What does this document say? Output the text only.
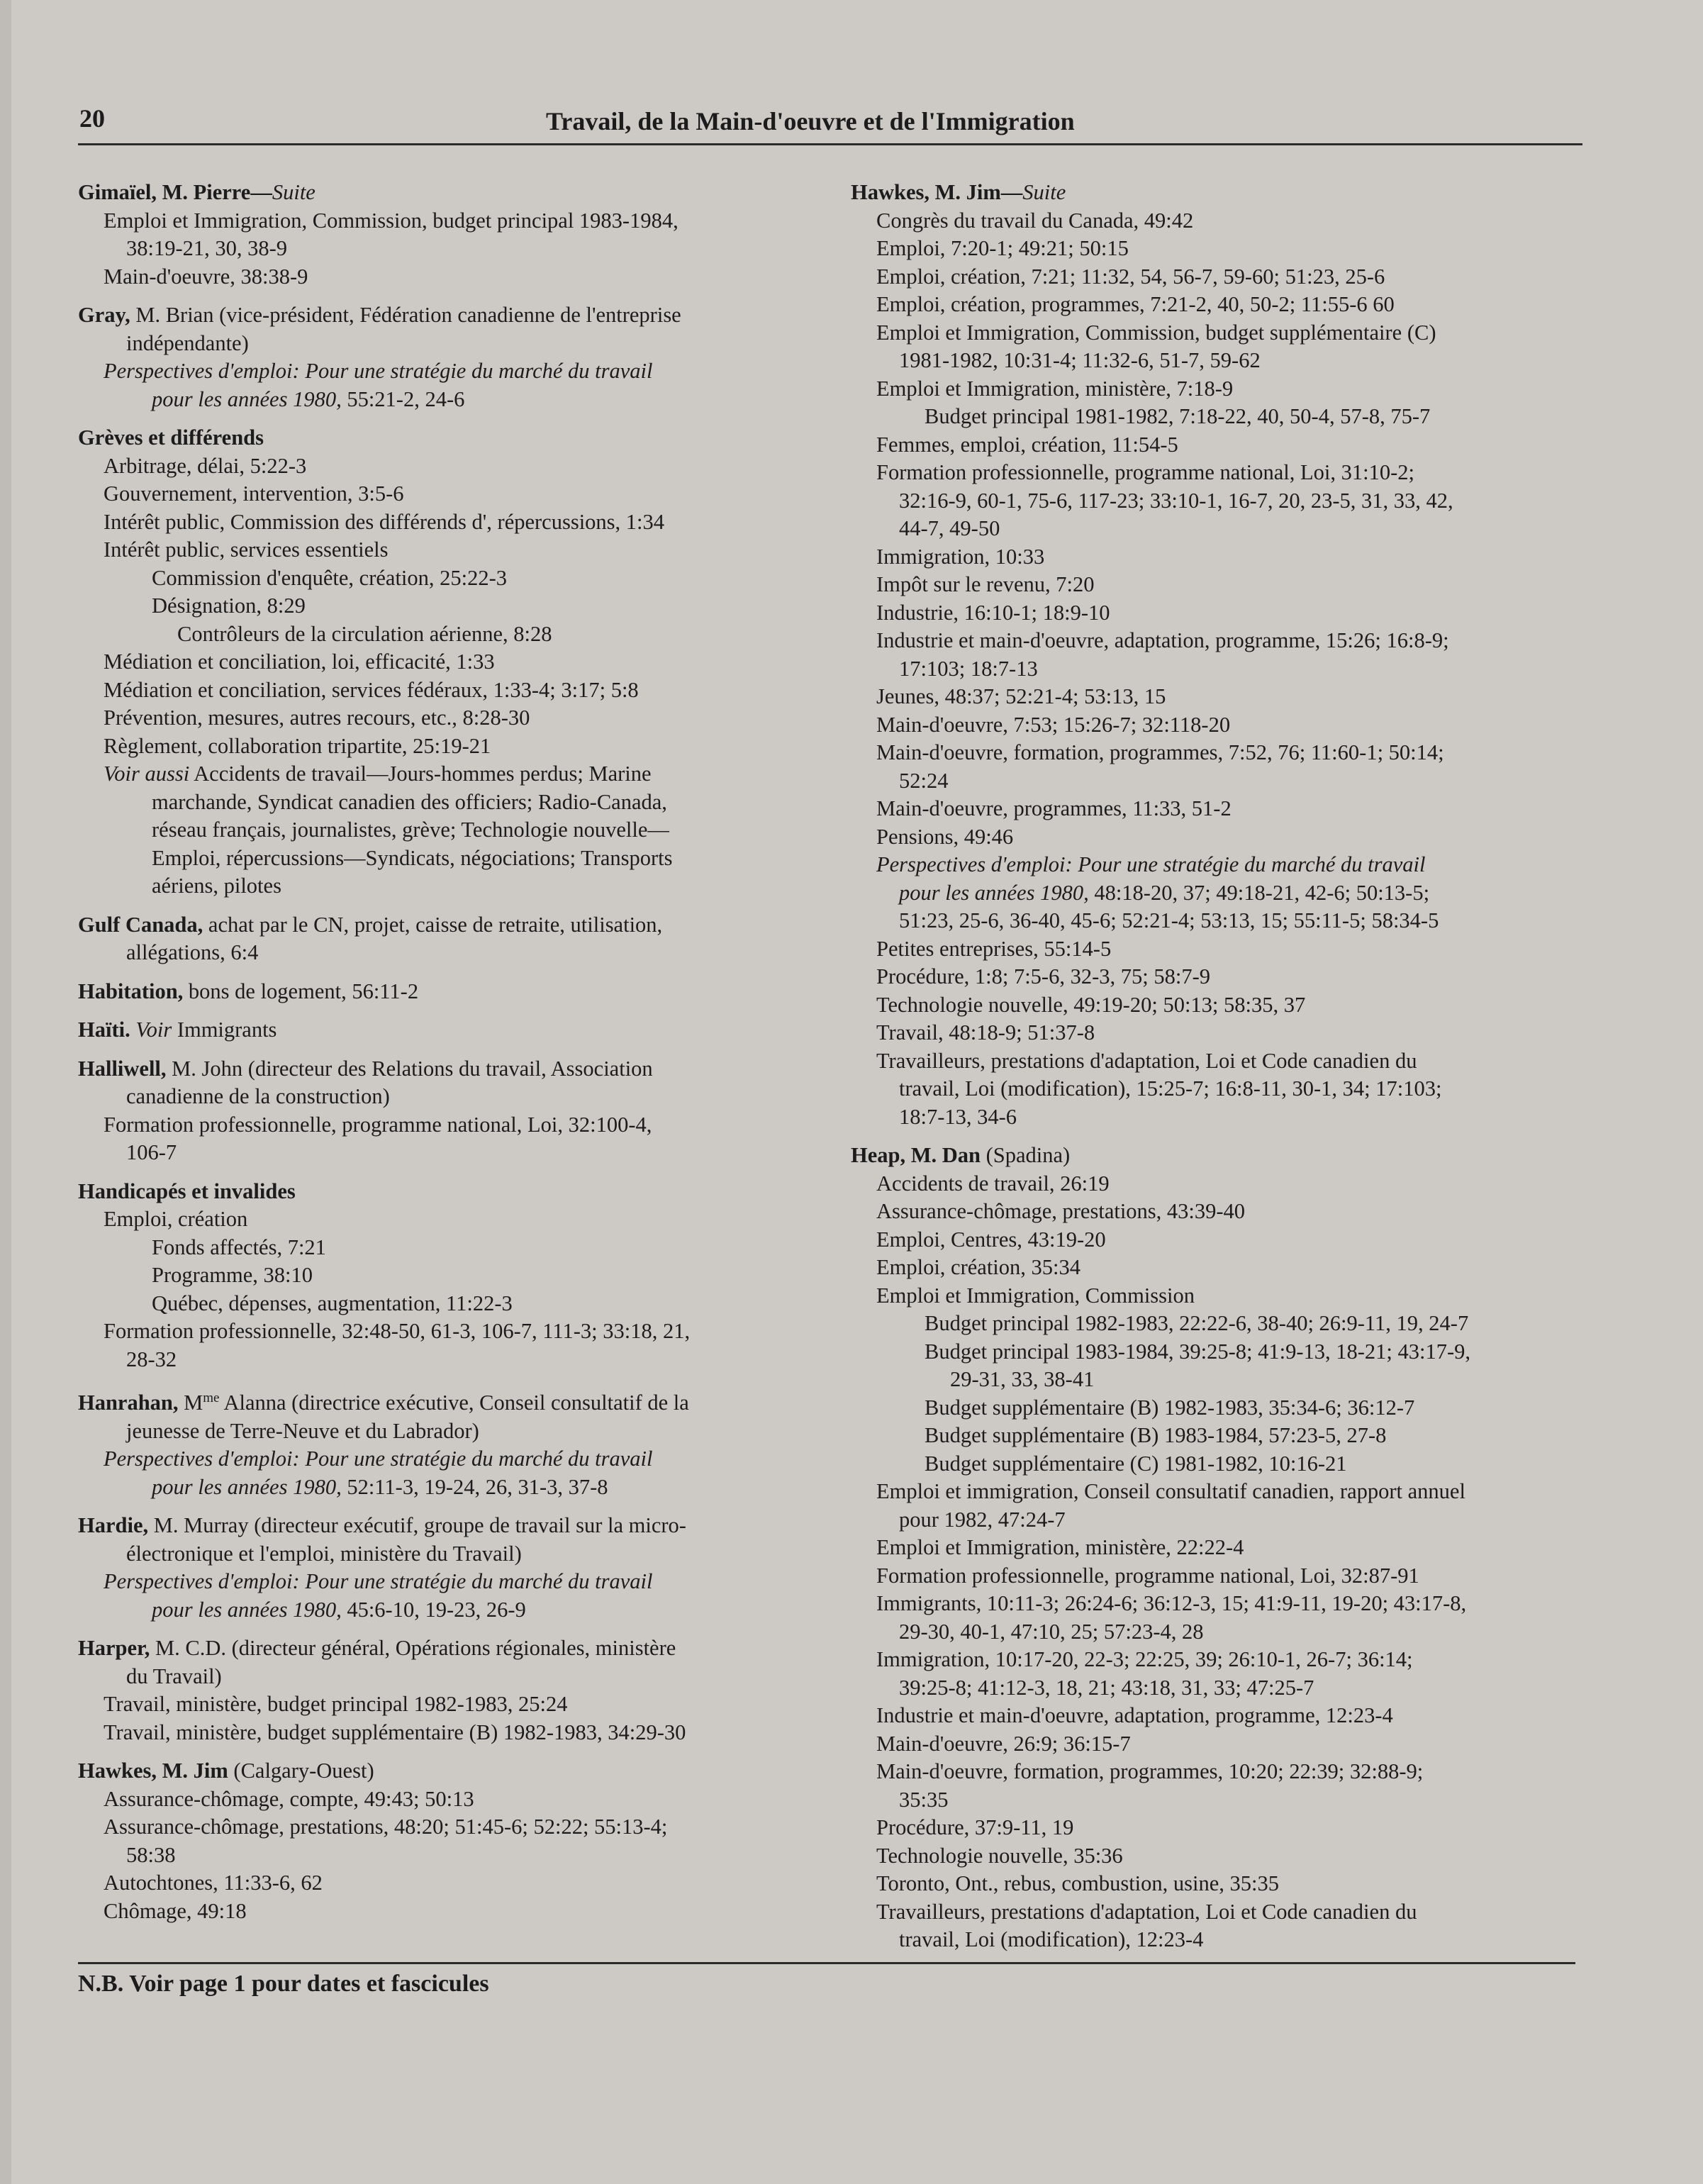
20	Travail, de la Main-d'oeuvre et de l'Immigration
Gimaïel, M. Pierre—Suite
Emploi et Immigration, Commission, budget principal 1983-1984,
38:19-21, 30, 38-9
Main-d'oeuvre, 38:38-9
Gray, M. Brian (vice-président, Fédération canadienne de l'entreprise
indépendante)
Perspectives d'emploi: Pour une stratégie du marché du travail
pour les années 1980, 55:21-2, 24-6
Grèves et différends
Arbitrage, délai, 5:22-3
Gouvernement, intervention, 3:5-6
Intérêt public, Commission des différends d', répercussions, 1:34
Intérêt public, services essentiels
Commission d'enquête, création, 25:22-3
Désignation, 8:29
Contrôleurs de la circulation aérienne, 8:28
Médiation et conciliation, loi, efficacité, 1:33
Médiation et conciliation, services fédéraux, 1:33-4; 3:17; 5:8
Prévention, mesures, autres recours, etc., 8:28-30
Règlement, collaboration tripartite, 25:19-21
Voir aussi Accidents de travail—Jours-hommes perdus; Marine
marchande, Syndicat canadien des officiers; Radio-Canada,
réseau français, journalistes, grève; Technologie nouvelle—
Emploi, répercussions—Syndicats, négociations; Transports
aériens, pilotes
Gulf Canada, achat par le CN, projet, caisse de retraite, utilisation,
allégations, 6:4
Habitation, bons de logement, 56:11-2
Haïti. Voir Immigrants
Halliwell, M. John (directeur des Relations du travail, Association
canadienne de la construction)
Formation professionnelle, programme national, Loi, 32:100-4,
106-7
Handicapés et invalides
Emploi, création
Fonds affectés, 7:21
Programme, 38:10
Québec, dépenses, augmentation, 11:22-3
Formation professionnelle, 32:48-50, 61-3, 106-7, 111-3; 33:18, 21,
28-32
Hanrahan, $M^{me}$ Alanna (directrice exécutive, Conseil consultatif de la
jeunesse de Terre-Neuve et du Labrador)
Perspectives d'emploi: Pour une stratégie du marché du travail
pour les années 1980, 52:11-3, 19-24, 26, 31-3, 37-8
Hardie, M. Murray (directeur exécutif, groupe de travail sur la micro-
électronique et l'emploi, ministère du Travail)
Perspectives d'emploi: Pour une stratégie du marché du travail
pour les années 1980, 45:6-10, 19-23, 26-9
Harper, M. C.D. (directeur général, Opérations régionales, ministère
du Travail)
Travail, ministère, budget principal 1982-1983, 25:24
Travail, ministère, budget supplémentaire (B) 1982-1983, 34:29-30
Hawkes, M. Jim (Calgary-Ouest)
Assurance-chômage, compte, 49:43; 50:13
Assurance-chômage, prestations, 48:20; 51:45-6; 52:22; 55:13-4;
58:38
Autochtones, 11:33-6, 62
Chômage, 49:18
Hawkes, M. Jim—Suite
Congrès du travail du Canada, 49:42
Emploi, 7:20-1; 49:21; 50:15
Emploi, création, 7:21; 11:32, 54, 56-7, 59-60; 51:23, 25-6
Emploi, création, programmes, 7:21-2, 40, 50-2; 11:55-6 60
Emploi et Immigration, Commission, budget supplémentaire (C)
1981-1982, 10:31-4; 11:32-6, 51-7, 59-62
Emploi et Immigration, ministère, 7:18-9
Budget principal 1981-1982, 7:18-22, 40, 50-4, 57-8, 75-7
Femmes, emploi, création, 11:54-5
Formation professionnelle, programme national, Loi, 31:10-2;
32:16-9, 60-1, 75-6, 117-23; 33:10-1, 16-7, 20, 23-5, 31, 33, 42,
44-7, 49-50
Immigration, 10:33
Impôt sur le revenu, 7:20
Industrie, 16:10-1; 18:9-10
Industrie et main-d'oeuvre, adaptation, programme, 15:26; 16:8-9;
17:103; 18:7-13
Jeunes, 48:37; 52:21-4; 53:13, 15
Main-d'oeuvre, 7:53; 15:26-7; 32:118-20
Main-d'oeuvre, formation, programmes, 7:52, 76; 11:60-1; 50:14;
52:24
Main-d'oeuvre, programmes, 11:33, 51-2
Pensions, 49:46
Perspectives d'emploi: Pour une stratégie du marché du travail
pour les années 1980, 48:18-20, 37; 49:18-21, 42-6; 50:13-5;
51:23, 25-6, 36-40, 45-6; 52:21-4; 53:13, 15; 55:11-5; 58:34-5
Petites entreprises, 55:14-5
Procédure, 1:8; 7:5-6, 32-3, 75; 58:7-9
Technologie nouvelle, 49:19-20; 50:13; 58:35, 37
Travail, 48:18-9; 51:37-8
Travailleurs, prestations d'adaptation, Loi et Code canadien du
travail, Loi (modification), 15:25-7; 16:8-11, 30-1, 34; 17:103;
18:7-13, 34-6
Heap, M. Dan (Spadina)
Accidents de travail, 26:19
Assurance-chômage, prestations, 43:39-40
Emploi, Centres, 43:19-20
Emploi, création, 35:34
Emploi et Immigration, Commission
Budget principal 1982-1983, 22:22-6, 38-40; 26:9-11, 19, 24-7
Budget principal 1983-1984, 39:25-8; 41:9-13, 18-21; 43:17-9,
29-31, 33, 38-41
Budget supplémentaire (B) 1982-1983, 35:34-6; 36:12-7
Budget supplémentaire (B) 1983-1984, 57:23-5, 27-8
Budget supplémentaire (C) 1981-1982, 10:16-21
Emploi et immigration, Conseil consultatif canadien, rapport annuel
pour 1982, 47:24-7
Emploi et Immigration, ministère, 22:22-4
Formation professionnelle, programme national, Loi, 32:87-91
Immigrants, 10:11-3; 26:24-6; 36:12-3, 15; 41:9-11, 19-20; 43:17-8,
29-30, 40-1, 47:10, 25; 57:23-4, 28
Immigration, 10:17-20, 22-3; 22:25, 39; 26:10-1, 26-7; 36:14;
39:25-8; 41:12-3, 18, 21; 43:18, 31, 33; 47:25-7
Industrie et main-d'oeuvre, adaptation, programme, 12:23-4
Main-d'oeuvre, 26:9; 36:15-7
Main-d'oeuvre, formation, programmes, 10:20; 22:39; 32:88-9;
35:35
Procédure, 37:9-11, 19
Technologie nouvelle, 35:36
Toronto, Ont., rebus, combustion, usine, 35:35
Travailleurs, prestations d'adaptation, Loi et Code canadien du
travail, Loi (modification), 12:23-4
N.B. Voir page 1 pour dates et fascicules
